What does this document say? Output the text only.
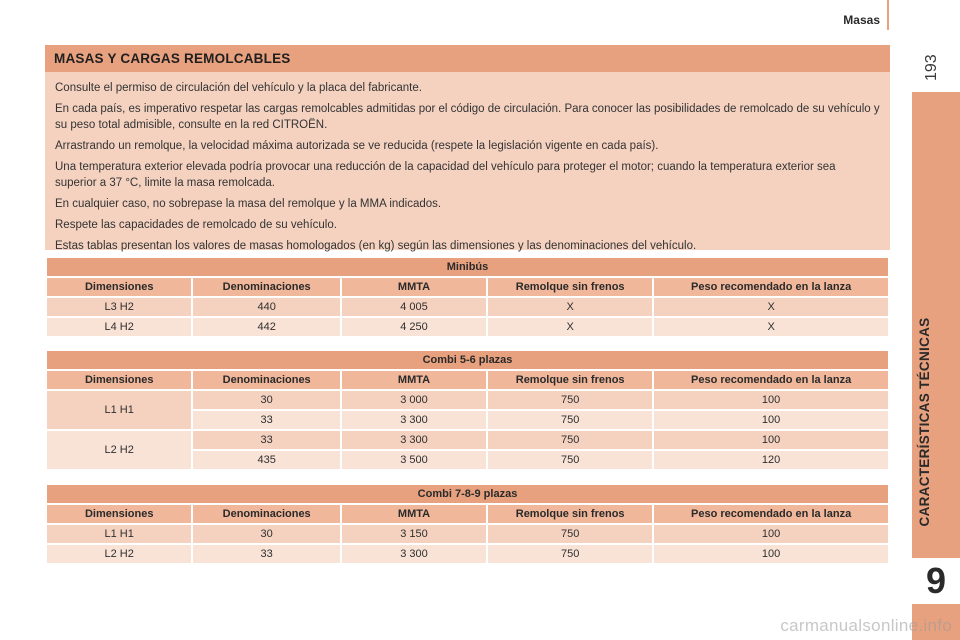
Masas
193
CARACTERÍSTICAS TÉCNICAS
9
MASAS Y CARGAS REMOLCABLES

Consulte el permiso de circulación del vehículo y la placa del fabricante.

En cada país, es imperativo respetar las cargas remolcables admitidas por el código de circulación. Para conocer las posibilidades de remolcado de su vehículo y su peso total admisible, consulte en la red CITROËN.

Arrastrando un remolque, la velocidad máxima autorizada se ve reducida (respete la legislación vigente en cada país).

Una temperatura exterior elevada podría provocar una reducción de la capacidad del vehículo para proteger el motor; cuando la temperatura exterior sea superior a 37 °C, limite la masa remolcada.

En cualquier caso, no sobrepase la masa del remolque y la MMA indicados.

Respete las capacidades de remolcado de su vehículo.

Estas tablas presentan los valores de masas homologados (en kg) según las dimensiones y las denominaciones del vehículo.

Minibús				
Dimensiones	Denominaciones	MMTA	Remolque sin frenos	Peso recomendado en la lanza
L3 H2	440	4 005	X	X
L4 H2	442	4 250	X	X
Combi 5-6 plazas				
Dimensiones	Denominaciones	MMTA	Remolque sin frenos	Peso recomendado en la lanza
L1 H1	30	3 000	750	100
	33	3 300	750	100
L2 H2	33	3 300	750	100
	435	3 500	750	120
Combi 7-8-9 plazas				
Dimensiones	Denominaciones	MMTA	Remolque sin frenos	Peso recomendado en la lanza
L1 H1	30	3 150	750	100
L2 H2	33	3 300	750	100
carmanualsonline.info
